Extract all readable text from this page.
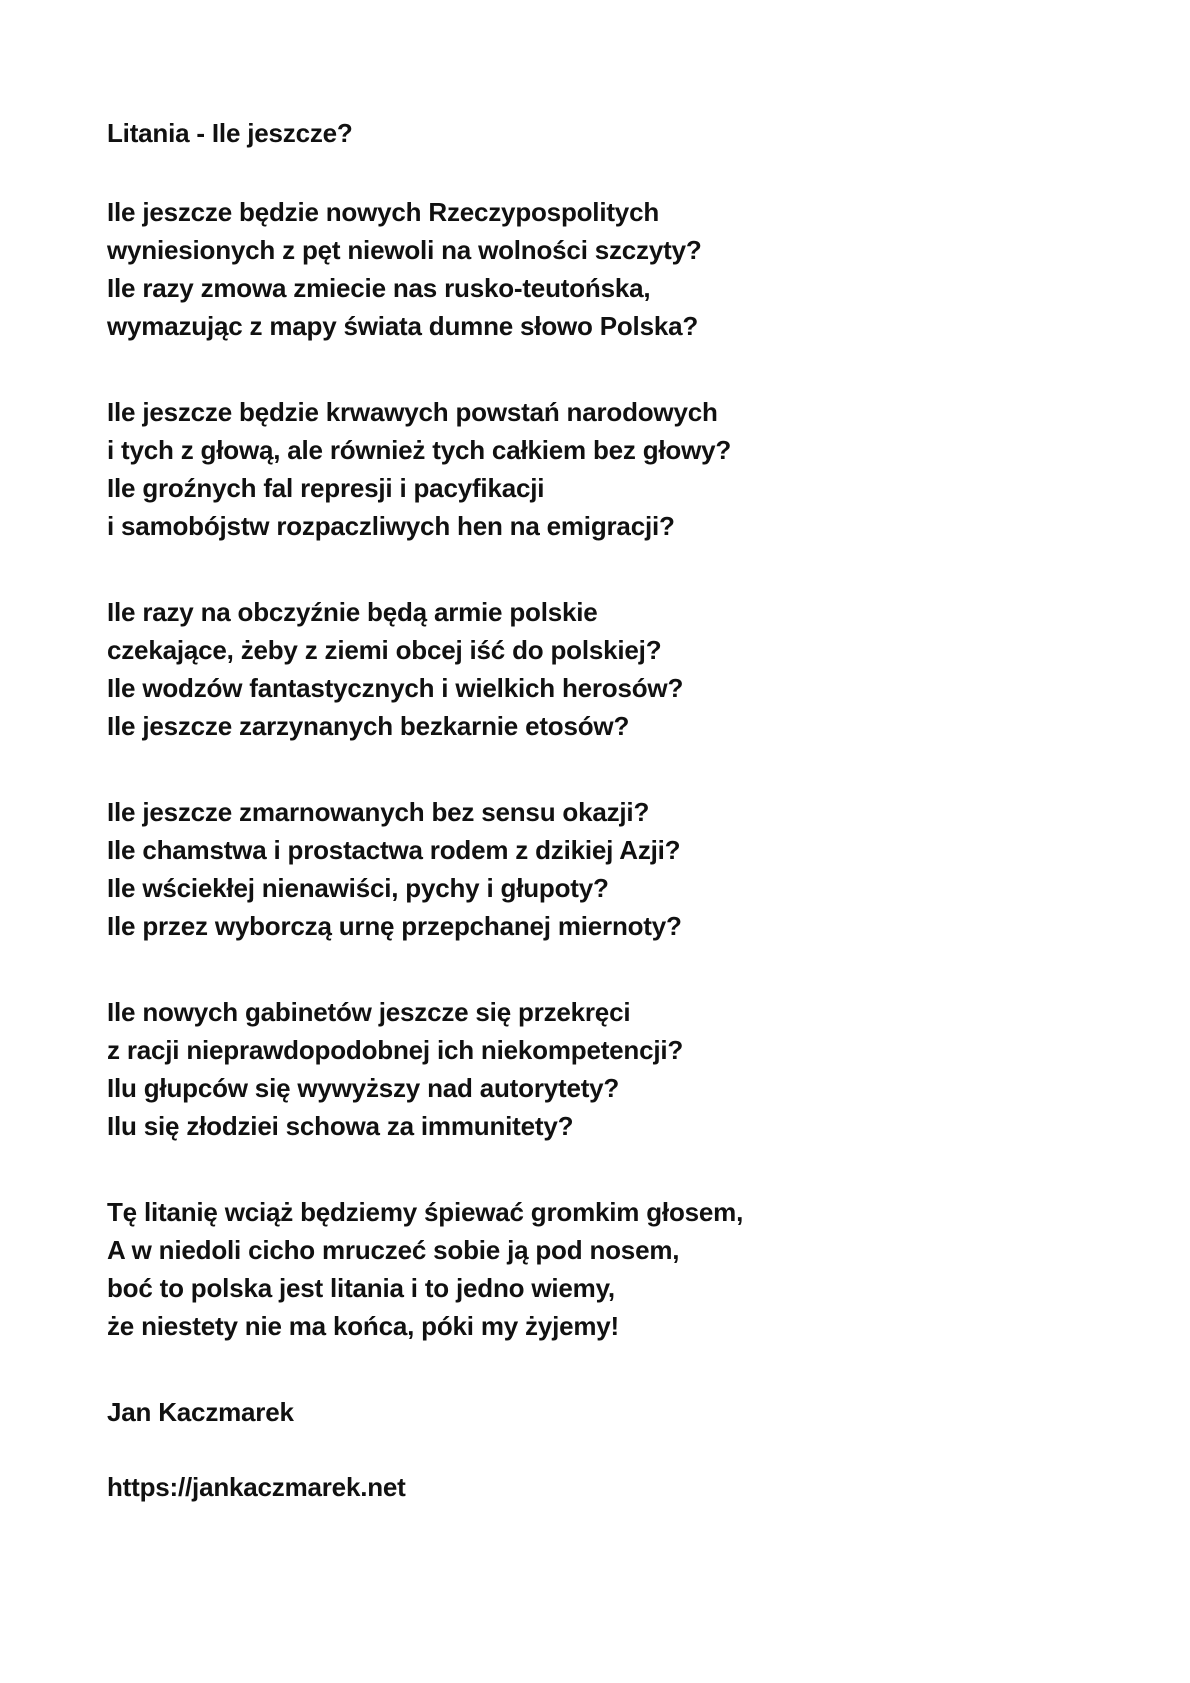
Litania - Ile jeszcze?
Ile jeszcze będzie nowych Rzeczypospolitych
wyniesionych z pęt niewoli na wolności szczyty?
Ile razy zmowa zmiecie nas rusko-teutońska,
wymazując z mapy świata dumne słowo Polska?
Ile jeszcze będzie krwawych powstań narodowych
i tych z głową, ale również tych całkiem bez głowy?
Ile groźnych fal represji i pacyfikacji
i samobójstw rozpaczliwych hen na emigracji?
Ile razy na obczyźnie będą armie polskie
czekające, żeby z ziemi obcej iść do polskiej?
Ile wodzów fantastycznych i wielkich herosów?
Ile jeszcze zarzynanych bezkarnie etosów?
Ile jeszcze zmarnowanych bez sensu okazji?
Ile chamstwa i prostactwa rodem z dzikiej Azji?
Ile wściekłej nienawiści, pychy i głupoty?
Ile przez wyborczą urnę przepchanej miernoty?
Ile nowych gabinetów jeszcze się przekręci
z racji nieprawdopodobnej ich niekompetencji?
Ilu głupców się wywyższy nad autorytety?
Ilu się złodziei schowa za immunitety?
Tę litanię wciąż będziemy śpiewać gromkim głosem,
A w niedoli cicho mruczeć sobie ją pod nosem,
boć to polska jest litania i to jedno wiemy,
że niestety nie ma końca, póki my żyjemy!
Jan Kaczmarek
https://jankaczmarek.net
